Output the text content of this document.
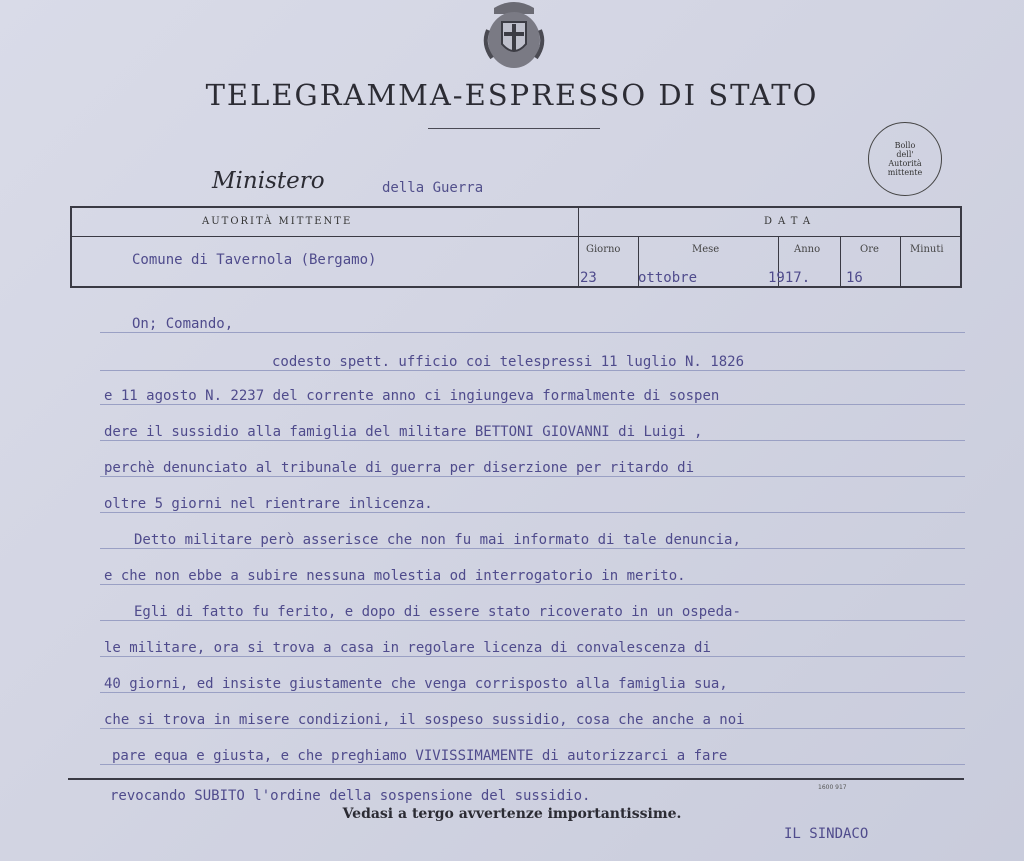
TELEGRAMMA-ESPRESSO DI STATO
Bollo
dell'
Autorità
mittente
Ministero	della Guerra
AUTORITÀ MITTENTE	DATA
Comune di Tavernola (Bergamo)
Giorno	Mese	Anno	Ore	Minuti
23	ottobre	1917.	16
On; Comando,
codesto spett. ufficio coi telespressi 11 luglio N. 1826
e 11 agosto N. 2237 del corrente anno ci ingiungeva formalmente di sospen
dere il sussidio alla famiglia del militare BETTONI GIOVANNI di Luigi ,
perchè denunciato al tribunale di guerra per diserzione per ritardo di
oltre 5 giorni nel rientrare inlicenza.
Detto militare però asserisce che non fu mai informato di tale denuncia,
e che non ebbe a subire nessuna molestia od interrogatorio in merito.
Egli di fatto fu ferito, e dopo di essere stato ricoverato in un ospeda-
le militare, ora si trova a casa in regolare licenza di convalescenza di
40 giorni, ed insiste giustamente che venga corrisposto alla famiglia sua,
che si trova in misere condizioni, il sospeso sussidio, cosa che anche a noi
pare equa e giusta, e che preghiamo VIVISSIMAMENTE di autorizzarci a fare
revocando SUBITO l'ordine della sospensione del sussidio.
1600 917
Vedasi a tergo avvertenze importantissime.
IL SINDACO
